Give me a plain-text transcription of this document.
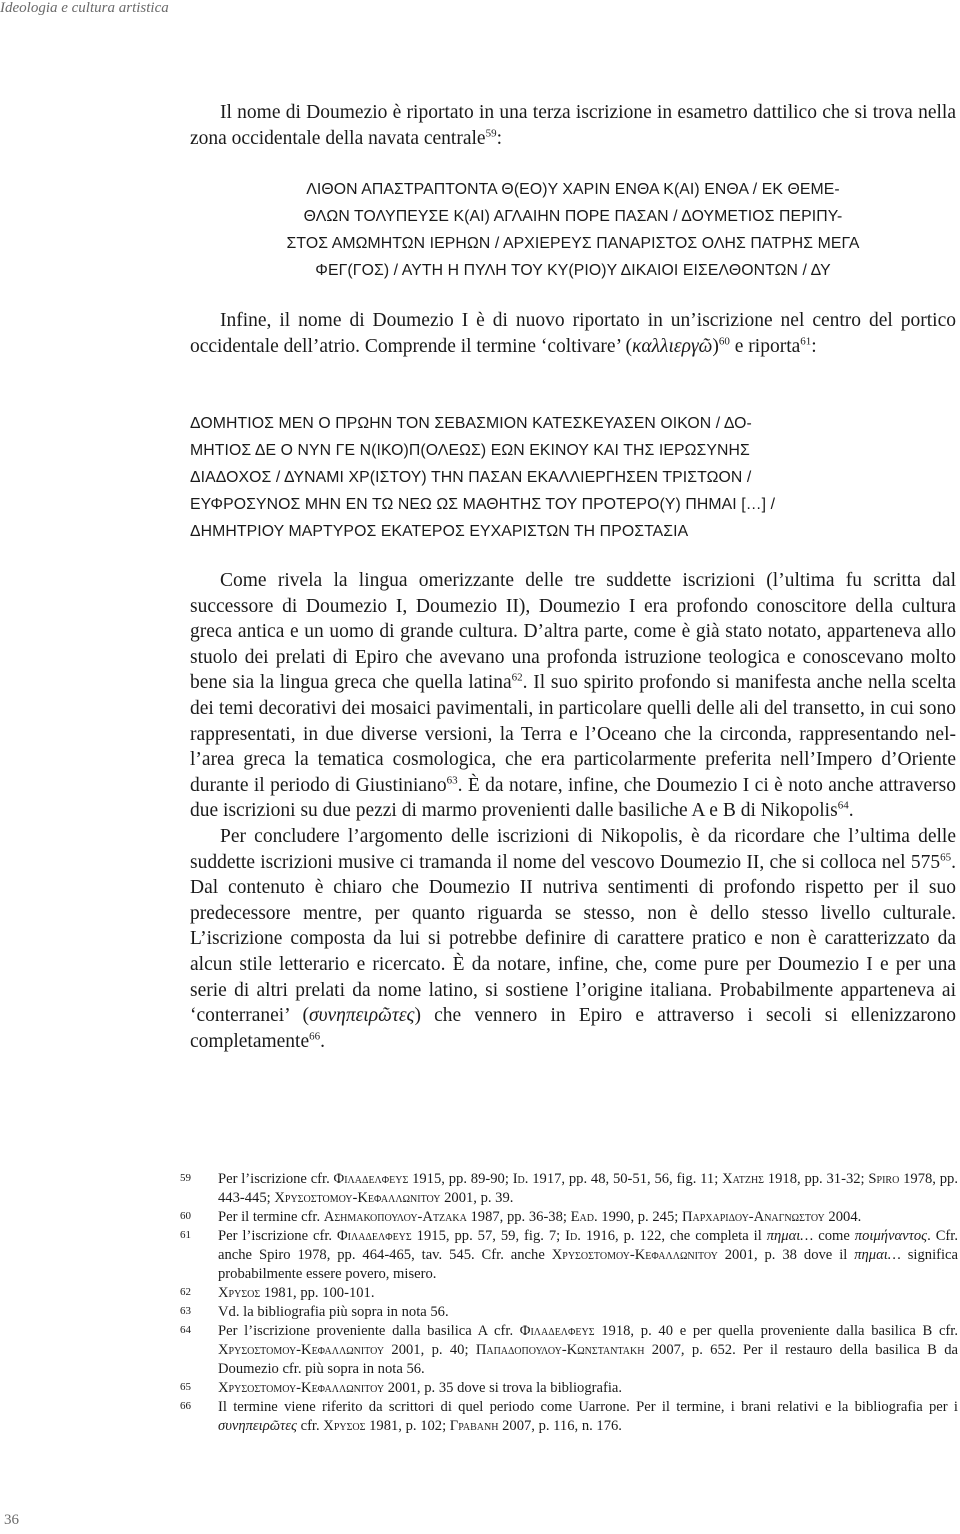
Ideologia e cultura artistica

Il nome di Doumezio è riportato in una terza iscrizione in esametro dattilico che si trova nella zona occidentale della navata centrale$^{59}$:

ΛΙΘΟΝ ΑΠΑΣΤΡΑΠΤΟΝΤΑ Θ(ΕΟ)Υ ΧΑΡΙΝ ΕΝΘΑ Κ(ΑΙ) ΕΝΘΑ / ΕΚ ΘΕΜΕ-

ΘΛΩΝ ΤΟΛΥΠΕΥΣΕ Κ(ΑΙ) ΑΓΛΑΙΗΝ ΠΟΡΕ ΠΑΣΑΝ / ΔΟΥΜΕΤΙΟΣ ΠΕΡΙΠΥ-

ΣΤΟΣ ΑΜΩΜΗΤΩΝ ΙΕΡΗΩΝ / ΑΡΧΙΕΡΕΥΣ ΠΑΝΑΡΙΣΤΟΣ ΟΛΗΣ ΠΑΤΡΗΣ ΜΕΓΑ

ΦΕΓ(ΓΟΣ) / ΑΥΤΗ Η ΠΥΛΗ ΤΟΥ ΚΥ(ΡΙΟ)Υ ΔΙΚΑΙΟΙ ΕΙΣΕΛΘΟΝΤΩΝ / ΔΥ

Infine, il nome di Doumezio I è di nuovo riportato in un’iscrizione nel centro del portico occidentale dell’atrio. Comprende il termine ‘coltivare’ (καλλιεργῶ)$^{60}$ e riporta$^{61}$:

ΔΟΜΗΤΙΟΣ ΜΕΝ Ο ΠΡΩΗΝ ΤΟΝ ΣΕΒΑΣΜΙΟΝ ΚΑΤΕΣΚΕΥΑΣΕΝ ΟΙΚΟΝ / ΔΟ-

ΜΗΤΙΟΣ ΔΕ Ο ΝΥΝ ΓΕ Ν(ΙΚΟ)Π(ΟΛΕΩΣ) ΕΩΝ ΕΚΙΝΟΥ ΚΑΙ ΤΗΣ ΙΕΡΩΣΥΝΗΣ

ΔΙΑΔΟΧΟΣ / ΔΥΝΑΜΙ ΧΡ(ΙΣΤΟΥ) ΤΗΝ ΠΑΣΑΝ ΕΚΑΛΛΙΕΡΓΗΣΕΝ ΤΡΙΣΤΩΟΝ /

ΕΥΦΡΟΣΥΝΟΣ ΜΗΝ ΕΝ ΤΩ ΝΕΩ ΩΣ ΜΑΘΗΤΗΣ ΤΟΥ ΠΡΟΤΕΡΟ(Υ) ΠΗΜΑΙ […] /

ΔΗΜΗΤΡΙΟΥ ΜΑΡΤΥΡΟΣ ΕΚΑΤΕΡΟΣ ΕΥΧΑΡΙΣΤΩΝ ΤΗ ΠΡΟΣΤΑΣΙΑ

Come rivela la lingua omerizzante delle tre suddette iscrizioni (l’ultima fu scritta dal successore di Doumezio I, Doumezio II), Doumezio I era profondo conoscitore della cultura greca antica e un uomo di grande cultura. D’altra parte, come è già stato notato, apparteneva allo stuolo dei prelati di Epiro che avevano una profonda istruzione teologica e conoscevano molto bene sia la lingua greca che quella latina$^{62}$. Il suo spirito profondo si manifesta anche nella scelta dei temi decorativi dei mosaici pavimentali, in particolare quelli delle ali del transetto, in cui sono rappresentati, in due diverse versioni, la Terra e l’Oceano che la circonda, rappresentando nel-l’area greca la tematica cosmologica, che era particolarmente preferita nell’Impero d’Oriente durante il periodo di Giustiniano$^{63}$. È da notare, infine, che Doumezio I ci è noto anche attraverso due iscrizioni su due pezzi di marmo provenienti dalle basiliche A e B di Nikopolis$^{64}$.

Per concludere l’argomento delle iscrizioni di Nikopolis, è da ricordare che l’ultima delle suddette iscrizioni musive ci tramanda il nome del vescovo Doumezio II, che si colloca nel $575^{65}$. Dal contenuto è chiaro che Doumezio II nutriva sentimenti di profondo rispetto per il suo predecessore mentre, per quanto riguarda se stesso, non è dello stesso livello culturale. L’iscrizione composta da lui si potrebbe definire di carattere pratico e non è caratterizzato da alcun stile letterario e ricercato. È da notare, infine, che, come pure per Doumezio I e per una serie di altri prelati da nome latino, si sostiene l’origine italiana. Probabilmente apparteneva ai ‘conterranei’ (συνηπειρῶτες) che vennero in Epiro e attraverso i secoli si ellenizzarono completamente$^{66}$.

59	Per l’iscrizione cfr. Φιλαδελφευσ 1915, pp. 89-90; Id. 1917, pp. 48, 50-51, 56, fig. 11; Χατζησ 1918, pp. 31-32; Spiro 1978, pp. 443-445; Χρυσοστομου-Κεφαλλωνιτου 2001, p. 39.
60	Per il termine cfr. Ασημακοπουλου-Ατζακα 1987, pp. 36-38; Ead. 1990, p. 245; Παρχαριδου-Αναγνωστου 2004.
61	Per l’iscrizione cfr. Φιλαδελφευσ 1915, pp. 57, 59, fig. 7; Id. 1916, p. 122, che completa il πημαι… come ποιμήναντος. Cfr. anche Spiro 1978, pp. 464-465, tav. 545. Cfr. anche Χρυσοστομου-Κεφαλλωνιτου 2001, p. 38 dove il πημαι… significa probabilmente essere povero, misero.
62	Χρυσοσ 1981, pp. 100-101.
63	Vd. la bibliografia più sopra in nota 56.
64	Per l’iscrizione proveniente dalla basilica A cfr. Φιλαδελφευσ 1918, p. 40 e per quella proveniente dalla basilica B cfr. Χρυσοστομου-Κεφαλλωνιτου 2001, p. 40; Παπαδοπουλου-Κωνσταντακη 2007, p. 652. Per il restauro della basilica B da Doumezio cfr. più sopra in nota 56.
65	Χρυσοστομου-Κεφαλλωνιτου 2001, p. 35 dove si trova la bibliografia.
66	Il termine viene riferito da scrittori di quel periodo come Uarrone. Per il termine, i brani relativi e la bibliografia per i συνηπειρῶτες cfr. Χρυσοσ 1981, p. 102; Γραβανη 2007, p. 116, n. 176.
36
